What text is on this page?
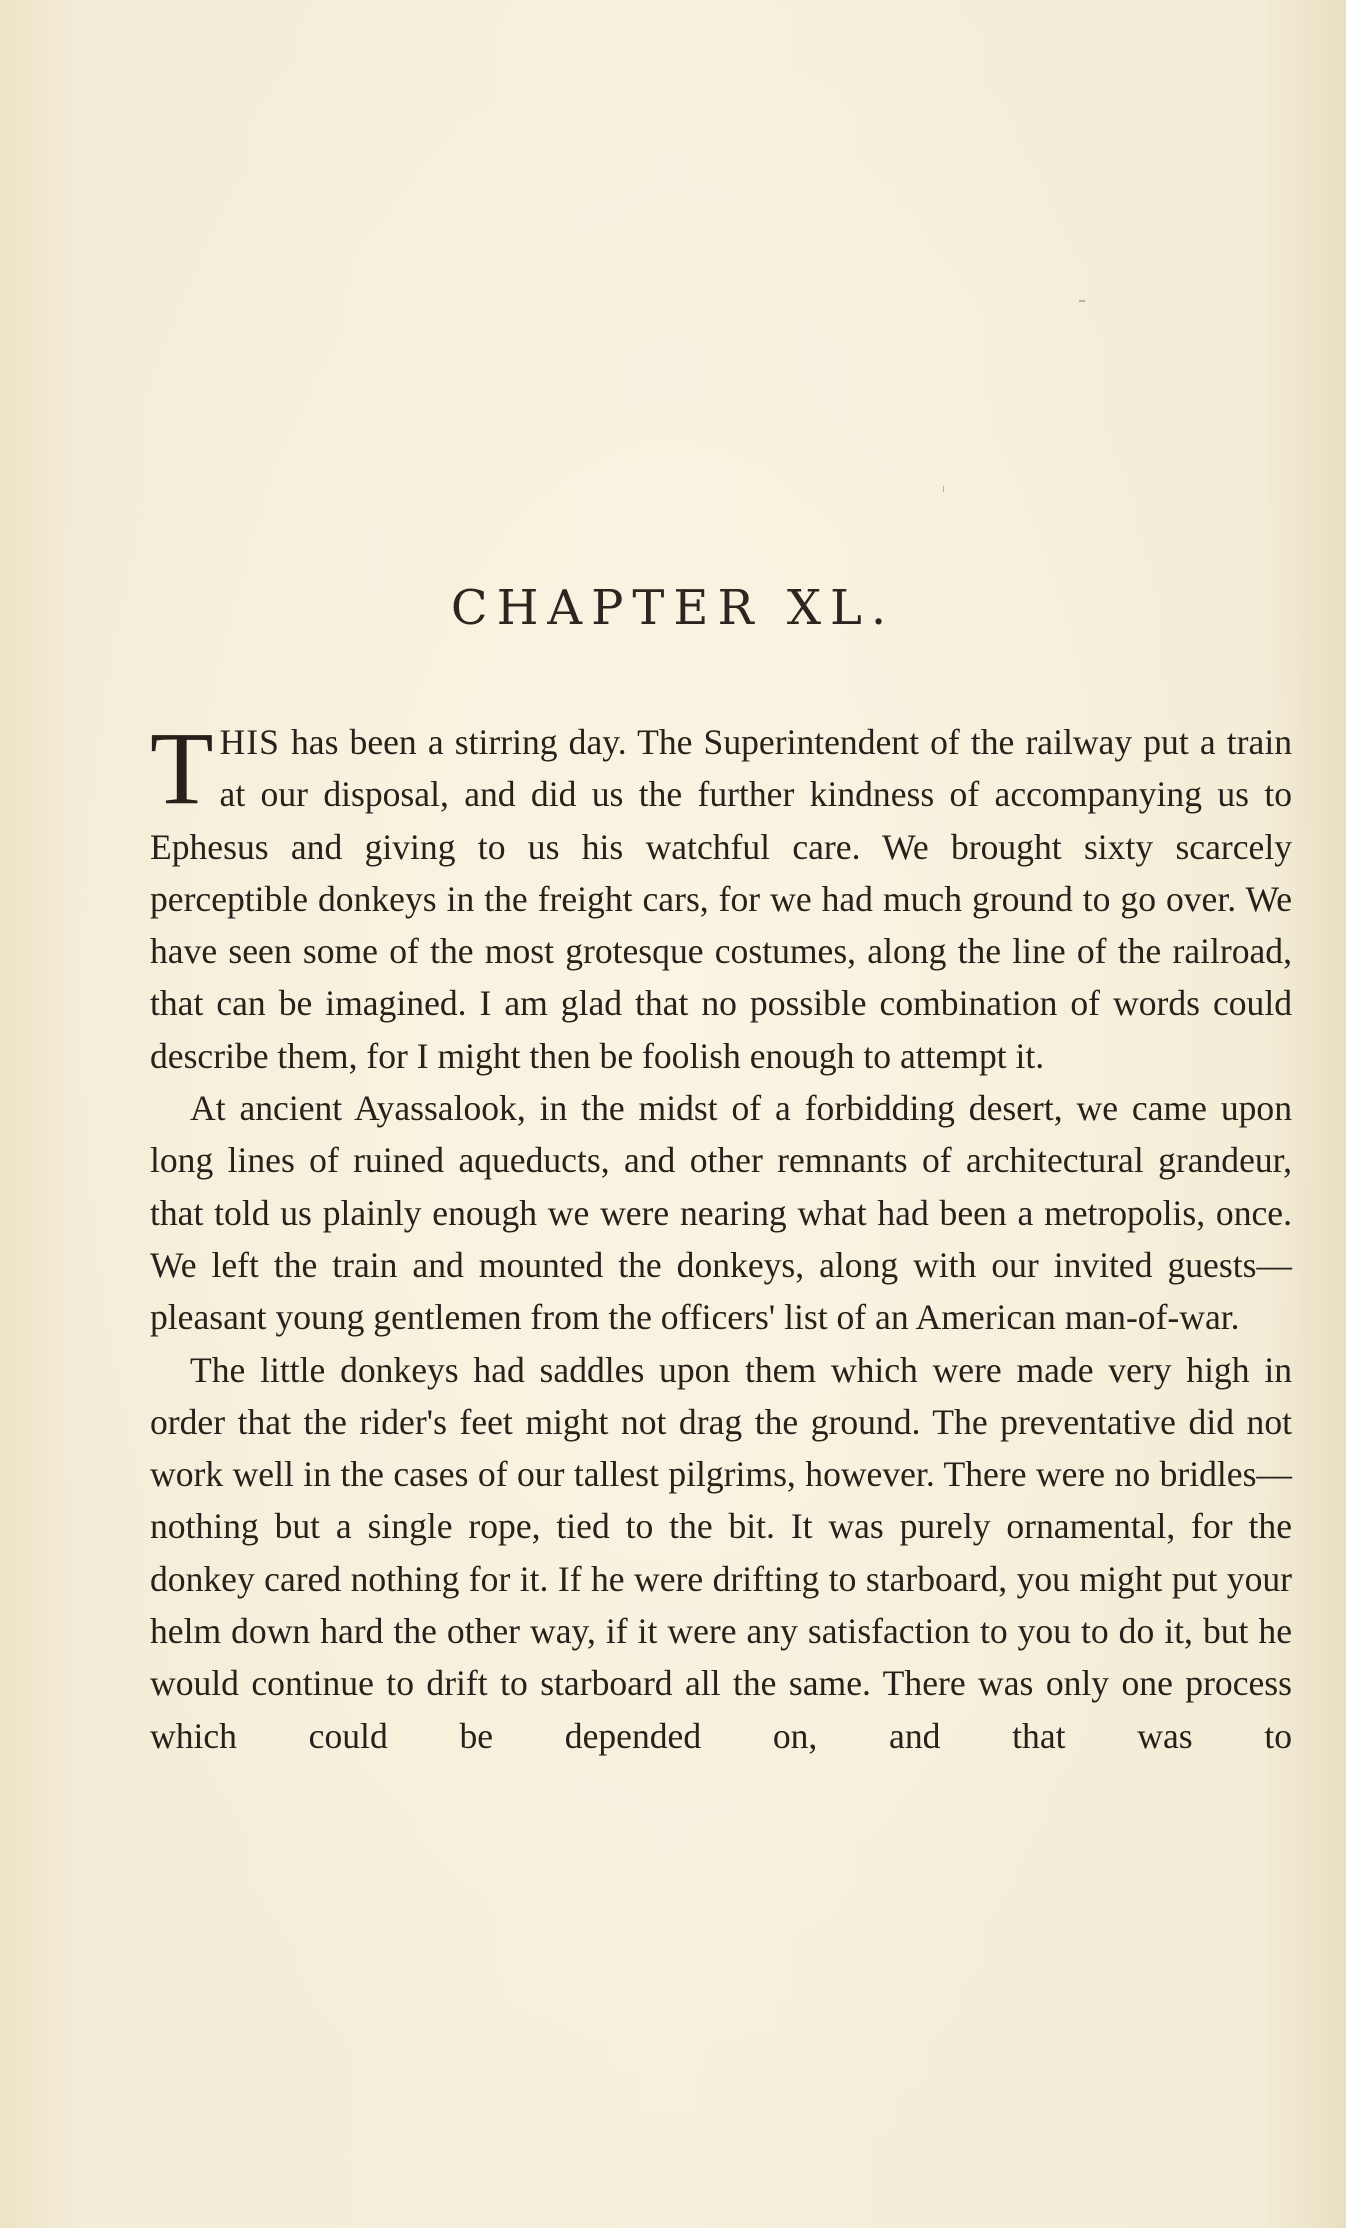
CHAPTER XL.

THIS has been a stirring day. The Superintendent of the railway put a train at our disposal, and did us the further kindness of accompanying us to Ephesus and giving to us his watchful care. We brought sixty scarcely perceptible donkeys in the freight cars, for we had much ground to go over. We have seen some of the most grotesque costumes, along the line of the railroad, that can be imagined. I am glad that no possible combination of words could describe them, for I might then be foolish enough to attempt it.

At ancient Ayassalook, in the midst of a forbidding desert, we came upon long lines of ruined aqueducts, and other remnants of architectural grandeur, that told us plainly enough we were nearing what had been a metropolis, once. We left the train and mounted the donkeys, along with our invited guests—pleasant young gentlemen from the officers' list of an American man-of-war.

The little donkeys had saddles upon them which were made very high in order that the rider's feet might not drag the ground. The preventative did not work well in the cases of our tallest pilgrims, however. There were no bridles—nothing but a single rope, tied to the bit. It was purely ornamental, for the donkey cared nothing for it. If he were drifting to starboard, you might put your helm down hard the other way, if it were any satisfaction to you to do it, but he would continue to drift to starboard all the same. There was only one process which could be depended on, and that was to
